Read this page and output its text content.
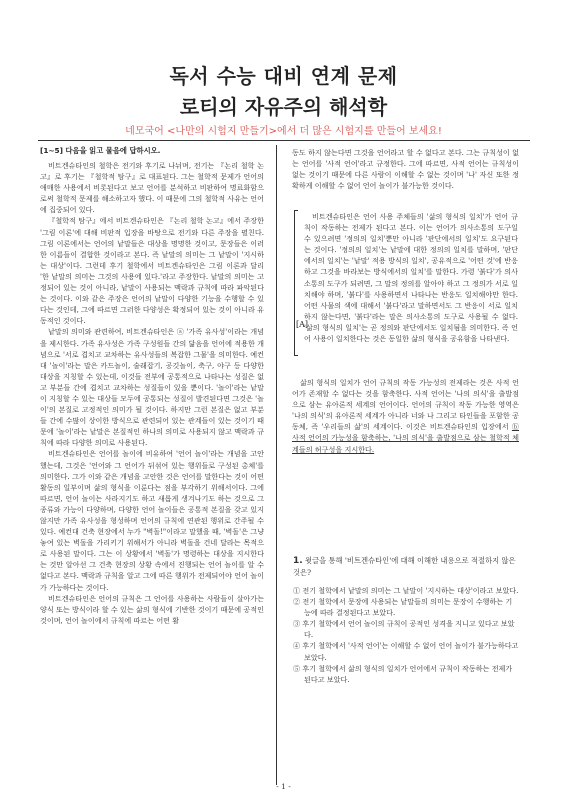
독서 수능 대비 연계 문제
로티의 자유주의 해석학
네모국어 <나만의 시험지 만들기>에서 더 많은 시험지를 만들어 보세요!
[1~5] 다음을 읽고 물음에 답하시오.

비트겐슈타인의 철학은 전기와 후기로 나뉘며, 전기는 『논리 철학 논고』로 후기는 『철학적 탐구』로 대표된다. 그는 철학적 문제가 언어의 애매한 사용에서 비롯된다고 보고 언어를 분석하고 비판하여 명료화함으로써 철학적 문제를 해소하고자 했다. 이 때문에 그의 철학적 사유는 언어에 집중되어 있다.

『철학적 탐구』에서 비트겐슈타인은 『논리 철학 논고』에서 주장한 '그림 이론'에 대해 비판적 입장을 바탕으로 전기와 다른 주장을 펼친다. 그림 이론에서는 언어의 낱말들은 대상을 명명한 것이고, 문장들은 이러한 이름들이 결합한 것이라고 본다. 즉 낱말의 의미는 그 낱말이 '지시하는 대상'이다. 그런데 후기 철학에서 비트겐슈타인은 그림 이론과 달리 '한 낱말의 의미는 그것의 사용에 있다.'라고 주장한다. 낱말의 의미는 고정되어 있는 것이 아니라, 낱말이 사용되는 맥락과 규칙에 따라 파악된다는 것이다. 이와 같은 주장은 언어의 낱말이 다양한 기능을 수행할 수 있다는 것인데, 그에 따르면 그러한 다양성은 확정되어 있는 것이 아니라 유동적인 것이다.

낱말의 의미와 관련하여, 비트겐슈타인은 ⓐ '가족 유사성'이라는 개념을 제시한다. 가족 유사성은 가족 구성원들 간의 닮음을 언어에 적용한 개념으로 '서로 겹치고 교차하는 유사성들의 복잡한 그물'을 의미한다. 예컨대 '놀이'라는 말은 카드놀이, 술래잡기, 공깃놀이, 축구, 야구 등 다양한 대상을 지칭할 수 있는데, 이것들 전부에 공통적으로 나타나는 성질은 없고 부분들 간에 겹치고 교차하는 성질들이 있을 뿐이다. '놀이'라는 낱말이 지칭할 수 있는 대상들 모두에 공통되는 성질이 발견된다면 그것은 '놀이'의 본질로 고정적인 의미가 될 것이다. 하지만 그런 본질은 없고 부분들 간에 수많이 상이한 방식으로 관련되어 있는 관계들이 있는 것이기 때문에 '놀이'라는 낱말은 본질적인 하나의 의미로 사용되지 않고 맥락과 규칙에 따라 다양한 의미로 사용된다.

비트겐슈타인은 언어를 놀이에 비유하여 '언어 놀이'라는 개념을 고안했는데, 그것은 '언어와 그 언어가 뒤섞여 있는 행위들로 구성된 총체'를 의미한다. 그가 이와 같은 개념을 고안한 것은 언어를 말한다는 것이 어떤 활동의 일부이며 삶의 형식을 이룬다는 점을 부각하기 위해서이다. 그에 따르면, 언어 놀이는 사라지기도 하고 새롭게 생겨나기도 하는 것으로 그 종류와 가능이 다양하며, 다양한 언어 놀이들은 공통적 본질을 갖고 있지 않지만 가족 유사성을 형성하며 언어의 규칙에 연관된 행위로 간주될 수 있다. 예컨대 건축 현장에서 누가 "벽돌!"이라고 말했을 때, '벽돌'은 그냥 놓여 있는 벽돌을 가리키기 위해서가 아니라 벽돌을 건네 달라는 목적으로 사용된 말이다. 그는 이 상황에서 '벽돌'가 명령하는 대상을 지시한다는 것만 알아선 그 건축 현장의 상황 속에서 진행되는 언어 놀이를 알 수 없다고 본다. 맥락과 규칙을 알고 그에 따른 행위가 전제되어야 언어 놀이가 가능하다는 것이다.

비트겐슈타인은 언어의 규칙은 그 언어를 사용하는 사람들이 살아가는 양식 또는 방식이라 할 수 있는 삶의 형식에 기반한 것이기 때문에 공적인 것이며, 언어 놀이에서 규칙에 따르는 어떤 활

동도 하지 않는다면 그것을 언어라고 할 수 없다고 본다. 그는 규칙성이 없는 언어를 '사적 언어'라고 규정한다. 그에 따르면, 사적 언어는 규칙성이 없는 것이기 때문에 다른 사람이 이해할 수 없는 것이며 '나' 자신 또한 정확하게 이해할 수 없어 언어 놀이가 불가능한 것이다.

[A]

비트겐슈타인은 언어 사용 주체들의 '삶의 형식의 일치'가 언어 규칙이 작동하는 전제가 된다고 본다. 이는 언어가 의사소통의 도구일 수 있으려면 '정의의 일치'뿐만 아니라 '판단에서의 일치'도 요구된다는 것이다. '정의의 일치'는 낱말에 대한 정의의 일치를 말하며, '판단에서의 일치'는 '낱말' 적용 방식의 일치', 공유적으로 '어떤 것'에 반응하고 그것을 바라보는 방식에서의 일치'를 말한다. 가령 '붉다'가 의사소통의 도구가 되려면, 그 말의 정의를 알아야 하고 그 정의가 서로 일치해야 하며, '붉다'를 사용하면서 나타나는 반응도 일치해야만 한다. 어떤 사물의 색에 대해서 '붉다'라고 말하면서도 그 반응이 서로 일치하지 않는다면, '붉다'라는 말은 의사소통의 도구로 사용될 수 없다. '삶의 형식의 일치'는 곧 정의와 판단에서도 일치됨을 의미한다. 즉 언어 사용이 일치한다는 것은 동일한 삶의 형식을 공유함을 나타낸다.

삶의 형식의 일치가 언어 규칙의 작동 가능성의 전제라는 것은 사적 언어가 존재할 수 없다는 것을 함축한다. 사적 언어는 '나의 의식'을 출발점으로 삼는 유아론적 세계의 언어이다. 언어의 규칙이 작동 가능한 영역은 '나의 의식'의 유아론적 세계가 아니라 너와 나 그리고 타인들을 포함한 공동체, 즉 '우리들의 삶'의 세계이다. 이것은 비트겐슈타인의 입장에서 ⓑ 사적 언어의 가능성을 함축하는, '나의 의식'을 출발점으로 삼는 철학적 체계들의 허구성을 지시한다.

1. 윗글을 통해 '비트겐슈타인'에 대해 이해한 내용으로 적절하지 않은 것은?
① 전기 철학에서 낱말의 의미는 그 낱말이 '지시하는 대상'이라고 보았다.
② 전기 철학에서 문장에 사용되는 낱말들의 의미는 문장이 수행하는 기능에 따라 결정된다고 보았다.
③ 후기 철학에서 언어 놀이의 규칙이 공적인 성격을 지니고 있다고 보았다.
④ 후기 철학에서 '사적 언어'는 이해할 수 없어 언어 놀이가 불가능하다고 보았다.
⑤ 후기 철학에서 삶의 형식의 일치가 언어에서 규칙이 작동하는 전제가 된다고 보았다.
- 1 -
